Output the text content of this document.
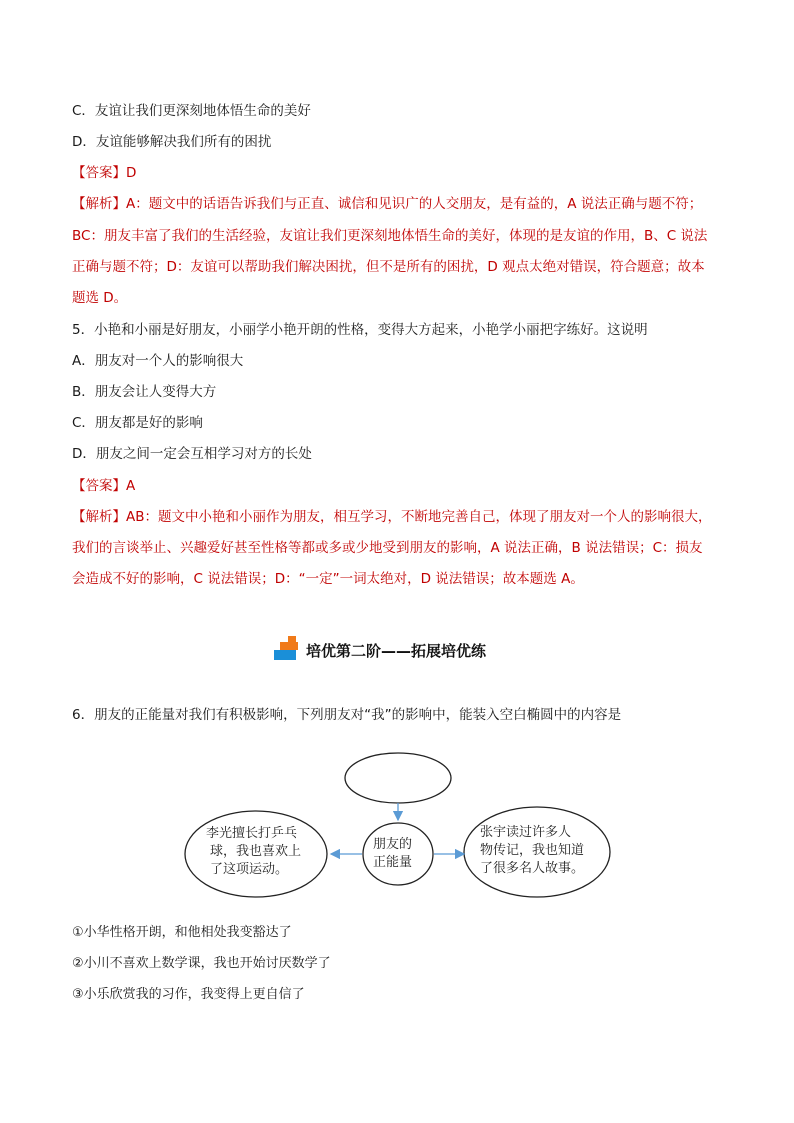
C．友谊让我们更深刻地体悟生命的美好
D．友谊能够解决我们所有的困扰
【答案】D
【解析】A：题文中的话语告诉我们与正直、诚信和见识广的人交朋友，是有益的，A 说法正确与题不符；
BC：朋友丰富了我们的生活经验，友谊让我们更深刻地体悟生命的美好，体现的是友谊的作用，B、C 说法
正确与题不符；D：友谊可以帮助我们解决困扰，但不是所有的困扰，D 观点太绝对错误，符合题意；故本
题选 D。
5．小艳和小丽是好朋友，小丽学小艳开朗的性格，变得大方起来，小艳学小丽把字练好。这说明
A．朋友对一个人的影响很大
B．朋友会让人变得大方
C．朋友都是好的影响
D．朋友之间一定会互相学习对方的长处
【答案】A
【解析】AB：题文中小艳和小丽作为朋友，相互学习，不断地完善自己，体现了朋友对一个人的影响很大，
我们的言谈举止、兴趣爱好甚至性格等都或多或少地受到朋友的影响，A 说法正确，B 说法错误；C：损友
会造成不好的影响，C 说法错误；D：“一定”一词太绝对，D 说法错误；故本题选 A。
培优第二阶——拓展培优练
6．朋友的正能量对我们有积极影响，下列朋友对“我”的影响中，能装入空白椭圆中的内容是
朋友的
正能量
李光擅长打乒乓
球，我也喜欢上
了这项运动。
张宇读过许多人
物传记，我也知道
了很多名人故事。
①小华性格开朗，和他相处我变豁达了
②小川不喜欢上数学课，我也开始讨厌数学了
③小乐欣赏我的习作，我变得上更自信了
